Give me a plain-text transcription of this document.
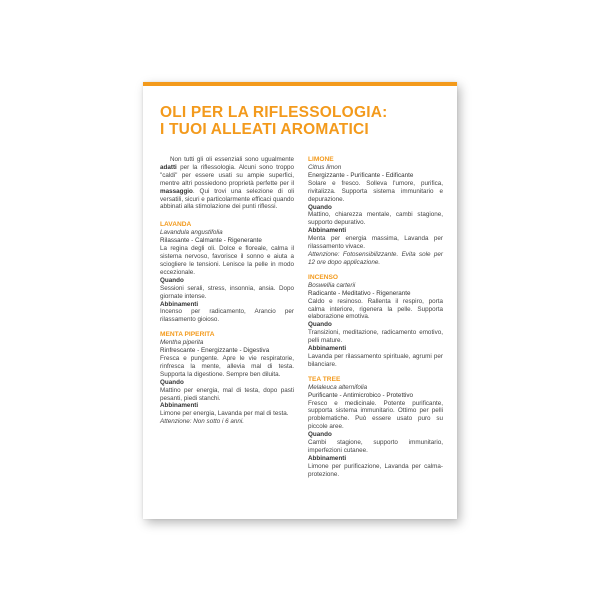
OLI PER LA RIFLESSOLOGIA:
I TUOI ALLEATI AROMATICI

Non tutti gli oli essenziali sono ugualmente adatti per la riflessologia. Alcuni sono troppo "caldi" per essere usati su ampie superfici, mentre altri possiedono proprietà perfette per il massaggio. Qui trovi una selezione di oli versatili, sicuri e particolarmente efficaci quando abbinati alla stimolazione dei punti riflessi.

LAVANDA
Lavandula angustifolia
Rilassante - Calmante - Rigenerante

La regina degli oli. Dolce e floreale, calma il sistema nervoso, favorisce il sonno e aiuta a sciogliere le tensioni. Lenisce la pelle in modo eccezionale.

Quando

Sessioni serali, stress, insonnia, ansia. Dopo giornate intense.

Abbinamenti

Incenso per radicamento, Arancio per rilassamento gioioso.

MENTA PIPERITA
Mentha piperita
Rinfrescante - Energizzante - Digestiva

Fresca e pungente. Apre le vie respiratorie, rinfresca la mente, allevia mal di testa. Supporta la digestione. Sempre ben diluita.

Quando

Mattino per energia, mal di testa, dopo pasti pesanti, piedi stanchi.

Abbinamenti

Limone per energia, Lavanda per mal di testa.

Attenzione: Non sotto i 6 anni.

LIMONE
Citrus limon
Energizzante - Purificante - Edificante

Solare e fresco. Solleva l'umore, purifica, rivitalizza. Supporta sistema immunitario e depurazione.

Quando

Mattino, chiarezza mentale, cambi stagione, supporto depurativo.

Abbinamenti

Menta per energia massima, Lavanda per rilassamento vivace.

Attenzione: Fotosensibilizzante. Evita sole per 12 ore dopo applicazione.

INCENSO
Boswellia carterii
Radicante - Meditativo - Rigenerante

Caldo e resinoso. Rallenta il respiro, porta calma interiore, rigenera la pelle. Supporta elaborazione emotiva.

Quando

Transizioni, meditazione, radicamento emotivo, pelli mature.

Abbinamenti

Lavanda per rilassamento spirituale, agrumi per bilanciare.

TEA TREE
Melaleuca alternifolia
Purificante - Antimicrobico - Protettivo

Fresco e medicinale. Potente purificante, supporta sistema immunitario. Ottimo per pelli problematiche. Può essere usato puro su piccole aree.

Quando

Cambi stagione, supporto immunitario, imperfezioni cutanee.

Abbinamenti

Limone per purificazione, Lavanda per calma-protezione.
